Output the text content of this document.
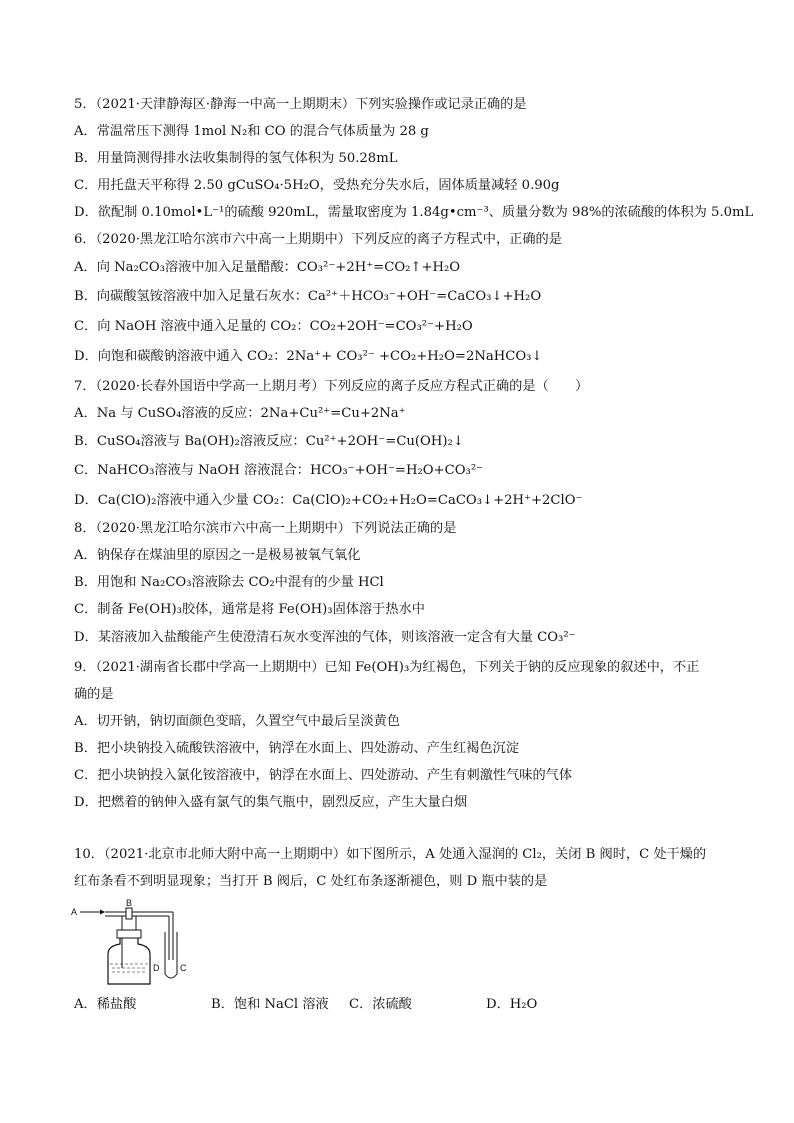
5．（2021·天津静海区·静海一中高一上期期末）下列实验操作或记录正确的是
A．常温常压下测得 1mol N₂和 CO 的混合气体质量为 28 g
B．用量筒测得排水法收集制得的氢气体积为 50.28mL
C．用托盘天平称得 2.50 gCuSO₄·5H₂O，受热充分失水后，固体质量减轻 0.90g
D．欲配制 0.10mol•L⁻¹的硫酸 920mL，需量取密度为 1.84g•cm⁻³、质量分数为 98%的浓硫酸的体积为 5.0mL
6．（2020·黑龙江哈尔滨市六中高一上期期中）下列反应的离子方程式中，正确的是
A．向 Na₂CO₃溶液中加入足量醋酸：CO₃²⁻+2H⁺=CO₂↑+H₂O
B．向碳酸氢铵溶液中加入足量石灰水：Ca²⁺＋HCO₃⁻+OH⁻=CaCO₃↓+H₂O
C．向 NaOH 溶液中通入足量的 CO₂：CO₂+2OH⁻=CO₃²⁻+H₂O
D．向饱和碳酸钠溶液中通入 CO₂：2Na⁺+ CO₃²⁻ +CO₂+H₂O=2NaHCO₃↓
7．（2020·长春外国语中学高一上期月考）下列反应的离子反应方程式正确的是（　　）
A．Na 与 CuSO₄溶液的反应：2Na+Cu²⁺=Cu+2Na⁺
B．CuSO₄溶液与 Ba(OH)₂溶液反应：Cu²⁺+2OH⁻=Cu(OH)₂↓
C．NaHCO₃溶液与 NaOH 溶液混合：HCO₃⁻+OH⁻=H₂O+CO₃²⁻
D．Ca(ClO)₂溶液中通入少量 CO₂：Ca(ClO)₂+CO₂+H₂O=CaCO₃↓+2H⁺+2ClO⁻
8．（2020·黑龙江哈尔滨市六中高一上期期中）下列说法正确的是
A．钠保存在煤油里的原因之一是极易被氧气氧化
B．用饱和 Na₂CO₃溶液除去 CO₂中混有的少量 HCl
C．制备 Fe(OH)₃胶体，通常是将 Fe(OH)₃固体溶于热水中
D．某溶液加入盐酸能产生使澄清石灰水变浑浊的气体，则该溶液一定含有大量 CO₃²⁻
9．（2021·湖南省长郡中学高一上期期中）已知 Fe(OH)₃为红褐色，下列关于钠的反应现象的叙述中，不正
确的是
A．切开钠，钠切面颜色变暗，久置空气中最后呈淡黄色
B．把小块钠投入硫酸铁溶液中，钠浮在水面上、四处游动、产生红褐色沉淀
C．把小块钠投入氯化铵溶液中，钠浮在水面上、四处游动、产生有刺激性气味的气体
D．把燃着的钠伸入盛有氯气的集气瓶中，剧烈反应，产生大量白烟
10．（2021·北京市北师大附中高一上期期中）如下图所示，A 处通入湿润的 Cl₂，关闭 B 阀时，C 处干燥的
红布条看不到明显现象；当打开 B 阀后，C 处红布条逐渐褪色，则 D 瓶中装的是
A
B
D C
A．稀盐酸	B．饱和 NaCl 溶液 C．浓硫酸	D．H₂O
